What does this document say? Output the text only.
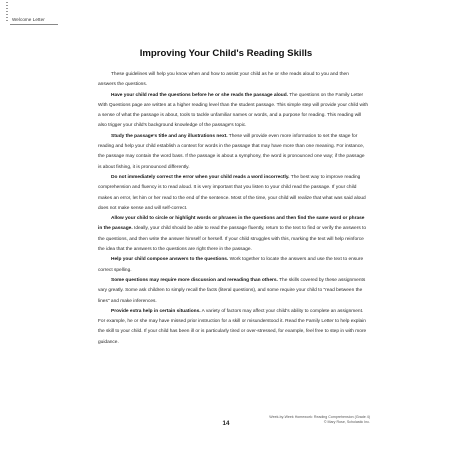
Welcome Letter
Improving Your Child's Reading Skills

These guidelines will help you know when and how to assist your child as he or she reads aloud to you and then answers the questions.

Have your child read the questions before he or she reads the passage aloud. The questions on the Family Letter With Questions page are written at a higher reading level than the student passage. This simple step will provide your child with a sense of what the passage is about, tools to tackle unfamiliar names or words, and a purpose for reading. This reading will also trigger your child's background knowledge of the passage's topic.

Study the passage's title and any illustrations next. These will provide even more information to set the stage for reading and help your child establish a context for words in the passage that may have more than one meaning. For instance, the passage may contain the word bass. If the passage is about a symphony, the word is pronounced one way; if the passage is about fishing, it is pronounced differently.

Do not immediately correct the error when your child reads a word incorrectly. The best way to improve reading comprehension and fluency is to read aloud. It is very important that you listen to your child read the passage. If your child makes an error, let him or her read to the end of the sentence. Most of the time, your child will realize that what was said aloud does not make sense and will self-correct.

Allow your child to circle or highlight words or phrases in the questions and then find the same word or phrase in the passage. Ideally, your child should be able to read the passage fluently, return to the text to find or verify the answers to the questions, and then write the answer himself or herself. If your child struggles with this, marking the text will help reinforce the idea that the answers to the questions are right there in the passage.

Help your child compose answers to the questions. Work together to locate the answers and use the text to ensure correct spelling.

Some questions may require more discussion and rereading than others. The skills covered by these assignments vary greatly. Some ask children to simply recall the facts (literal questions), and some require your child to "read between the lines" and make inferences.

Provide extra help in certain situations. A variety of factors may affect your child's ability to complete an assignment. For example, he or she may have missed prior instruction for a skill or misunderstood it. Read the Family Letter to help explain the skill to your child. If your child has been ill or is particularly tired or over-stressed, for example, feel free to step in with more guidance.

Week-by-Week Homework: Reading Comprehension (Grade 4)
© Mary Rose, Scholastic Inc.
14
